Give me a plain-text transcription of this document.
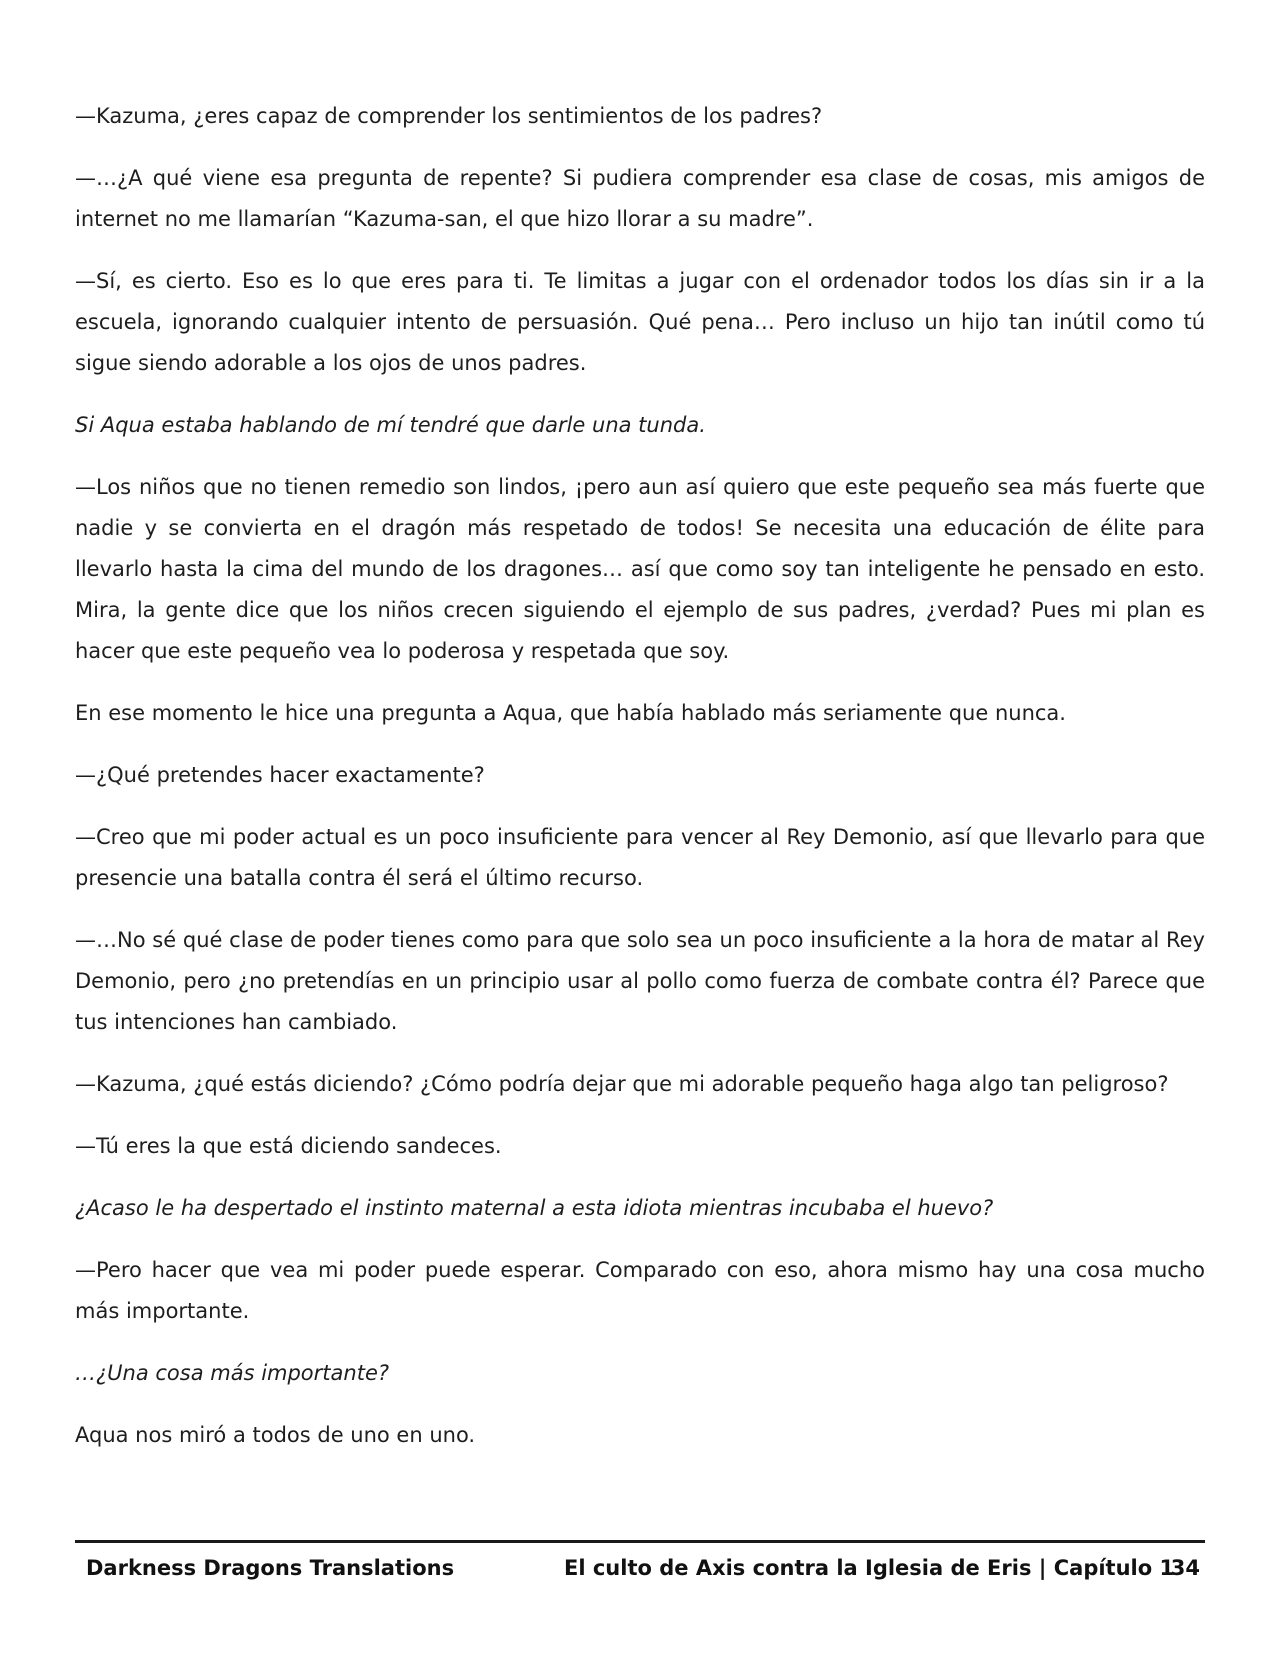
—Kazuma, ¿eres capaz de comprender los sentimientos de los padres?

—…¿A qué viene esa pregunta de repente? Si pudiera comprender esa clase de cosas, mis amigos de internet no me llamarían “Kazuma-san, el que hizo llorar a su madre”.

—Sí, es cierto. Eso es lo que eres para ti. Te limitas a jugar con el ordenador todos los días sin ir a la escuela, ignorando cualquier intento de persuasión. Qué pena… Pero incluso un hijo tan inútil como tú sigue siendo adorable a los ojos de unos padres.

Si Aqua estaba hablando de mí tendré que darle una tunda.

—Los niños que no tienen remedio son lindos, ¡pero aun así quiero que este pequeño sea más fuerte que nadie y se convierta en el dragón más respetado de todos! Se necesita una educación de élite para llevarlo hasta la cima del mundo de los dragones… así que como soy tan inteligente he pensado en esto. Mira, la gente dice que los niños crecen siguiendo el ejemplo de sus padres, ¿verdad? Pues mi plan es hacer que este pequeño vea lo poderosa y respetada que soy.

En ese momento le hice una pregunta a Aqua, que había hablado más seriamente que nunca.

—¿Qué pretendes hacer exactamente?

—Creo que mi poder actual es un poco insuficiente para vencer al Rey Demonio, así que llevarlo para que presencie una batalla contra él será el último recurso.

—…No sé qué clase de poder tienes como para que solo sea un poco insuficiente a la hora de matar al Rey Demonio, pero ¿no pretendías en un principio usar al pollo como fuerza de combate contra él? Parece que tus intenciones han cambiado.

—Kazuma, ¿qué estás diciendo? ¿Cómo podría dejar que mi adorable pequeño haga algo tan peligroso?

—Tú eres la que está diciendo sandeces.

¿Acaso le ha despertado el instinto maternal a esta idiota mientras incubaba el huevo?

—Pero hacer que vea mi poder puede esperar. Comparado con eso, ahora mismo hay una cosa mucho más importante.

…¿Una cosa más importante?

Aqua nos miró a todos de uno en uno.

Darkness Dragons Translations	El culto de Axis contra la Iglesia de Eris | Capítulo 1
34
